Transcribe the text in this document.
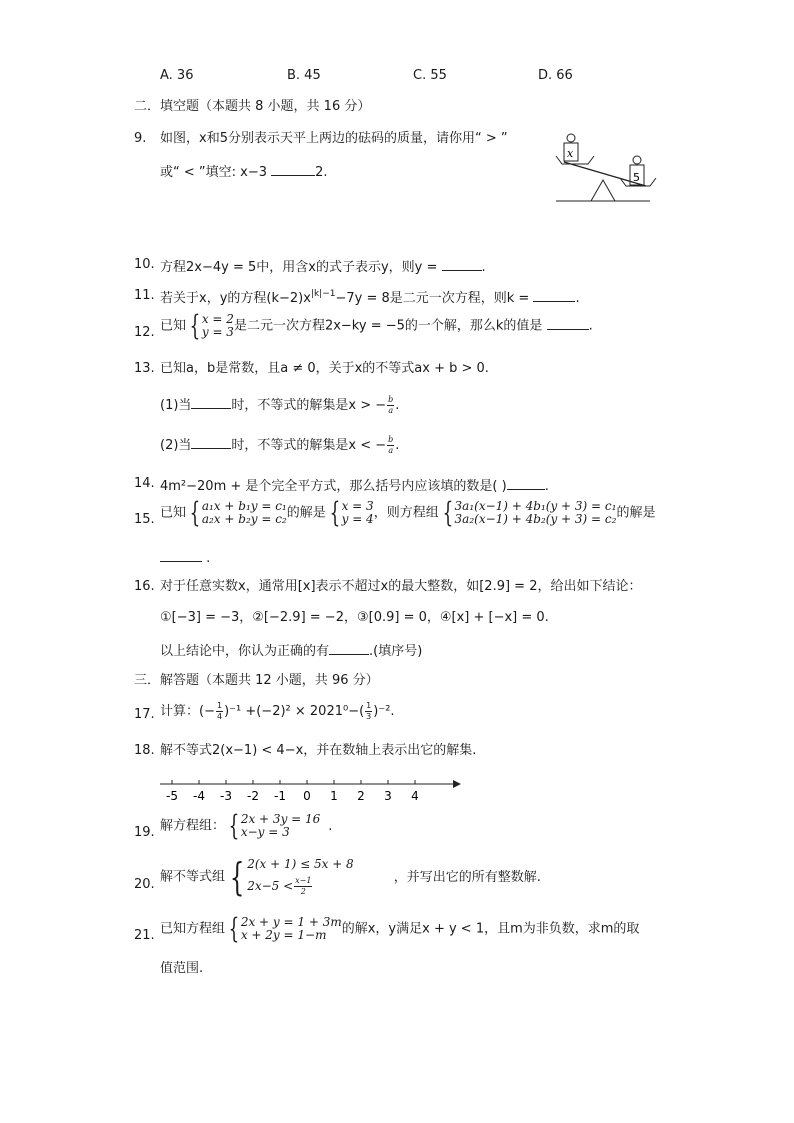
A. 36	B. 45	C. 55	D. 66
二．填空题（本题共 8 小题，共 16 分）
9. 如图，x和5分别表示天平上两边的砝码的质量，请你用“ > ”
或“ < ”填空: x−3	2.
x
5
10. 方程2x−4y = 5中，用含x的式子表示y，则y =	.
11. 若关于x，y的方程$(k-2)x^{|k|-1}-7y = 8$是二元一次方程，则k =	.
12. 已知 { x = 2
y = 3 是二元一次方程2x−ky = −5的一个解，那么k的值是	.
13. 已知a，b是常数，且a ≠ 0，关于x的不等式ax + b > 0.
(1)当	时，不等式的解集是x > − $\frac{b}{a}$ .
(2)当	时，不等式的解集是x < − $\frac{b}{a}$ .
14. 4m²−20m + 是个完全平方式，那么括号内应该填的数是( )	.
15. 已知 { a₁x + b₁y = c₁
a₂x + b₂y = c₂ 的解是 { x = 3
y = 4 ，则方程组 { 3a₁(x−1) + 4b₁(y + 3) = c₁
3a₂(x−1) + 4b₂(y + 3) = c₂ 的解是
.
16. 对于任意实数x，通常用[x]表示不超过x的最大整数，如[2.9] = 2，给出如下结论：
①[−3] = −3，②[−2.9] = −2，③[0.9] = 0，④[x] + [−x] = 0.
以上结论中，你认为正确的有	.(填序号)
三．解答题（本题共 12 小题，共 96 分）
17. 计算：(− $\frac{1}{4} )^{-1} +(-2)^2 \times 2021^0-( \frac{1}{3} )^{-2}$.
18. 解不等式2(x−1) < 4−x，并在数轴上表示出它的解集.
-5 -4 -3 -2 -1 0 1 2 3 4
19. 解方程组： { 2x + 3y = 16
x−y = 3	.
20. 解不等式组 { 2(x + 1) ≤ 5x + 8
$2x-5 < \frac{x-1}{2}$	，并写出它的所有整数解.
21. 已知方程组 { 2x + y = 1 + 3m
x + 2y = 1−m	的解x，y满足x + y < 1，且m为非负数，求m的取
值范围.
